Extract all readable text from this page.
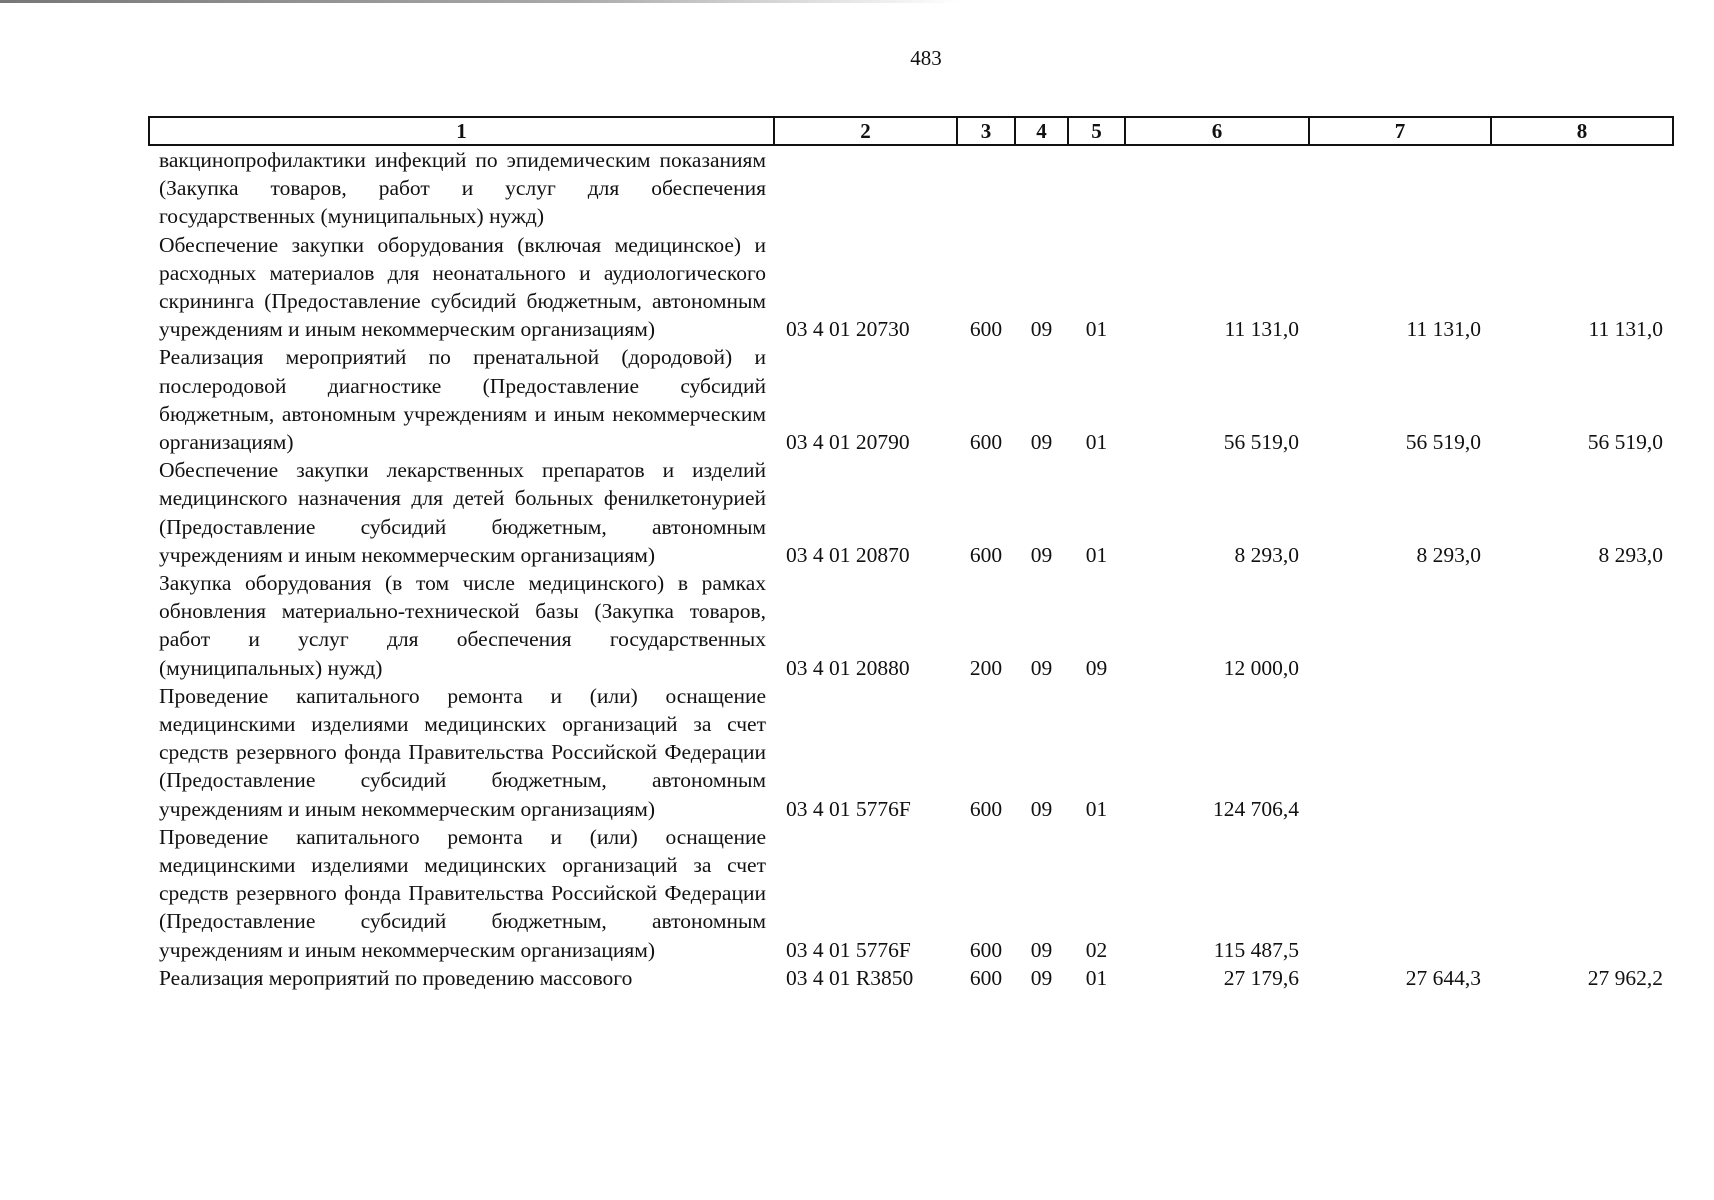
483
1	2	3	4	5	6	7	8
вакцинопрофилактики инфекций по эпидемическим показаниям (Закупка товаров, работ и услуг для обеспечения государственных (муниципальных) нужд)							
Обеспечение закупки оборудования (включая медицинское) и расходных материалов для неонатального и аудиологического скрининга (Предоставление субсидий бюджетным, автономным учреждениям и иным некоммерческим организациям)	03 4 01 20730	600	09	01	11 131,0	11 131,0	11 131,0
Реализация мероприятий по пренатальной (дородовой) и послеродовой диагностике (Предоставление субсидий бюджетным, автономным учреждениям и иным некоммерческим организациям)	03 4 01 20790	600	09	01	56 519,0	56 519,0	56 519,0
Обеспечение закупки лекарственных препаратов и изделий медицинского назначения для детей больных фенилкетонурией (Предоставление субсидий бюджетным, автономным учреждениям и иным некоммерческим организациям)	03 4 01 20870	600	09	01	8 293,0	8 293,0	8 293,0
Закупка оборудования (в том числе медицинского) в рамках обновления материально-технической базы (Закупка товаров, работ и услуг для обеспечения государственных (муниципальных) нужд)	03 4 01 20880	200	09	09	12 000,0		
Проведение капитального ремонта и (или) оснащение медицинскими изделиями медицинских организаций за счет средств резервного фонда Правительства Российской Федерации (Предоставление субсидий бюджетным, автономным учреждениям и иным некоммерческим организациям)	03 4 01 5776F	600	09	01	124 706,4		
Проведение капитального ремонта и (или) оснащение медицинскими изделиями медицинских организаций за счет средств резервного фонда Правительства Российской Федерации (Предоставление субсидий бюджетным, автономным учреждениям и иным некоммерческим организациям)	03 4 01 5776F	600	09	02	115 487,5		
Реализация мероприятий по проведению массового	03 4 01 R3850	600	09	01	27 179,6	27 644,3	27 962,2
